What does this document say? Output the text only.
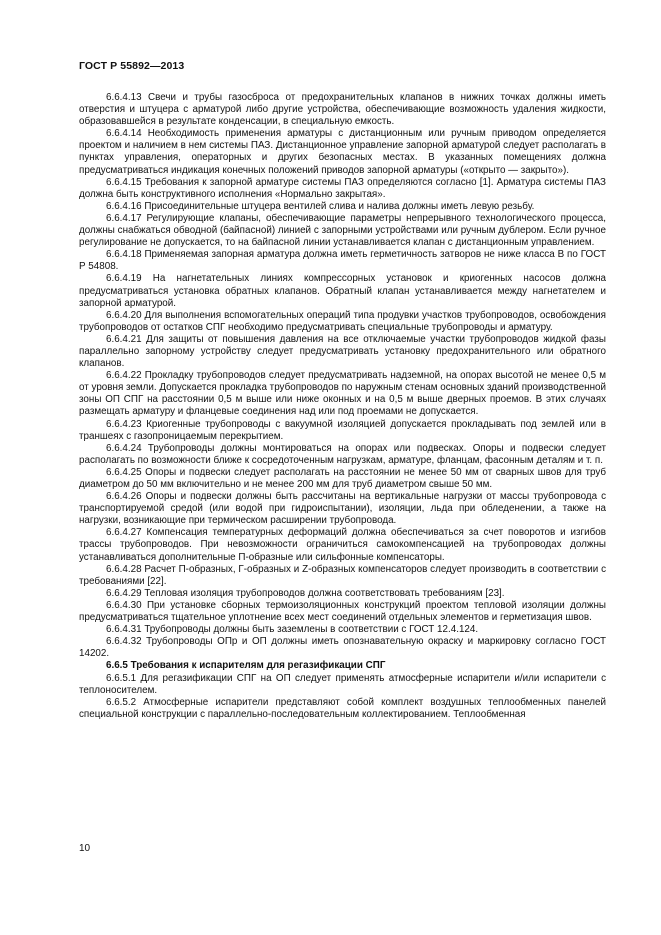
ГОСТ Р 55892—2013

6.6.4.13 Свечи и трубы газосброса от предохранительных клапанов в нижних точках должны иметь отверстия и штуцера с арматурой либо другие устройства, обеспечивающие возможность удаления жидкости, образовавшейся в результате конденсации, в специальную емкость.

6.6.4.14 Необходимость применения арматуры с дистанционным или ручным приводом определяется проектом и наличием в нем системы ПАЗ. Дистанционное управление запорной арматурой следует располагать в пунктах управления, операторных и других безопасных местах. В указанных помещениях должна предусматриваться индикация конечных положений приводов запорной арматуры («открыто — закрыто»).

6.6.4.15 Требования к запорной арматуре системы ПАЗ определяются согласно [1]. Арматура системы ПАЗ должна быть конструктивного исполнения «Нормально закрытая».

6.6.4.16 Присоединительные штуцера вентилей слива и налива должны иметь левую резьбу.

6.6.4.17 Регулирующие клапаны, обеспечивающие параметры непрерывного технологического процесса, должны снабжаться обводной (байпасной) линией с запорными устройствами или ручным дублером. Если ручное регулирование не допускается, то на байпасной линии устанавливается клапан с дистанционным управлением.

6.6.4.18 Применяемая запорная арматура должна иметь герметичность затворов не ниже класса В по ГОСТ Р 54808.

6.6.4.19 На нагнетательных линиях компрессорных установок и криогенных насосов должна предусматриваться установка обратных клапанов. Обратный клапан устанавливается между нагнетателем и запорной арматурой.

6.6.4.20 Для выполнения вспомогательных операций типа продувки участков трубопроводов, освобождения трубопроводов от остатков СПГ необходимо предусматривать специальные трубопроводы и арматуру.

6.6.4.21 Для защиты от повышения давления на все отключаемые участки трубопроводов жидкой фазы параллельно запорному устройству следует предусматривать установку предохранительного или обратного клапанов.

6.6.4.22 Прокладку трубопроводов следует предусматривать надземной, на опорах высотой не менее 0,5 м от уровня земли. Допускается прокладка трубопроводов по наружным стенам основных зданий производственной зоны ОП СПГ на расстоянии 0,5 м выше или ниже оконных и на 0,5 м выше дверных проемов. В этих случаях размещать арматуру и фланцевые соединения над или под проемами не допускается.

6.6.4.23 Криогенные трубопроводы с вакуумной изоляцией допускается прокладывать под землей или в траншеях с газопроницаемым перекрытием.

6.6.4.24 Трубопроводы должны монтироваться на опорах или подвесках. Опоры и подвески следует располагать по возможности ближе к сосредоточенным нагрузкам, арматуре, фланцам, фасонным деталям и т. п.

6.6.4.25 Опоры и подвески следует располагать на расстоянии не менее 50 мм от сварных швов для труб диаметром до 50 мм включительно и не менее 200 мм для труб диаметром свыше 50 мм.

6.6.4.26 Опоры и подвески должны быть рассчитаны на вертикальные нагрузки от массы трубопровода с транспортируемой средой (или водой при гидроиспытании), изоляции, льда при обледенении, а также на нагрузки, возникающие при термическом расширении трубопровода.

6.6.4.27 Компенсация температурных деформаций должна обеспечиваться за счет поворотов и изгибов трассы трубопроводов. При невозможности ограничиться самокомпенсацией на трубопроводах должны устанавливаться дополнительные П-образные или сильфонные компенсаторы.

6.6.4.28 Расчет П-образных, Г-образных и Z-образных компенсаторов следует производить в соответствии с требованиями [22].

6.6.4.29 Тепловая изоляция трубопроводов должна соответствовать требованиям [23].

6.6.4.30 При установке сборных термоизоляционных конструкций проектом тепловой изоляции должны предусматриваться тщательное уплотнение всех мест соединений отдельных элементов и герметизация швов.

6.6.4.31 Трубопроводы должны быть заземлены в соответствии с ГОСТ 12.4.124.

6.6.4.32 Трубопроводы ОПр и ОП должны иметь опознавательную окраску и маркировку согласно ГОСТ 14202.

6.6.5 Требования к испарителям для регазификации СПГ

6.6.5.1 Для регазификации СПГ на ОП следует применять атмосферные испарители и/или испарители с теплоносителем.

6.6.5.2 Атмосферные испарители представляют собой комплект воздушных теплообменных панелей специальной конструкции с параллельно-последовательным коллектированием. Теплообменная

10
